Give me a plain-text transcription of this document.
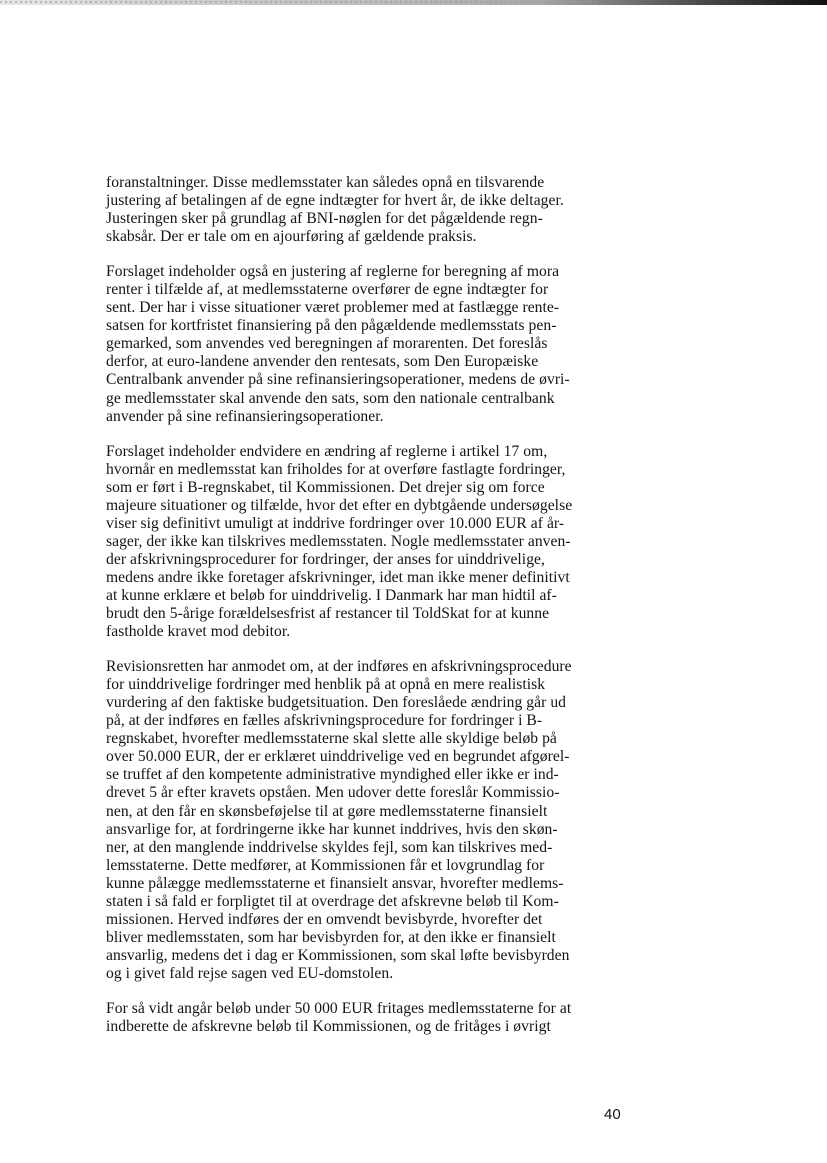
foranstaltninger. Disse medlemsstater kan således opnå en tilsvarende
justering af betalingen af de egne indtægter for hvert år, de ikke deltager.
Justeringen sker på grundlag af BNI-nøglen for det pågældende regn-
skabsår. Der er tale om en ajourføring af gældende praksis.

Forslaget indeholder også en justering af reglerne for beregning af mora
renter i tilfælde af, at medlemsstaterne overfører de egne indtægter for
sent. Der har i visse situationer været problemer med at fastlægge rente-
satsen for kortfristet finansiering på den pågældende medlemsstats pen-
gemarked, som anvendes ved beregningen af morarenten. Det foreslås
derfor, at euro-landene anvender den rentesats, som Den Europæiske
Centralbank anvender på sine refinansieringsoperationer, medens de øvri-
ge medlemsstater skal anvende den sats, som den nationale centralbank
anvender på sine refinansieringsoperationer.

Forslaget indeholder endvidere en ændring af reglerne i artikel 17 om,
hvornår en medlemsstat kan friholdes for at overføre fastlagte fordringer,
som er ført i B-regnskabet, til Kommissionen. Det drejer sig om force
majeure situationer og tilfælde, hvor det efter en dybtgående undersøgelse
viser sig definitivt umuligt at inddrive fordringer over 10.000 EUR af år-
sager, der ikke kan tilskrives medlemsstaten. Nogle medlemsstater anven-
der afskrivningsprocedurer for fordringer, der anses for uinddrivelige,
medens andre ikke foretager afskrivninger, idet man ikke mener definitivt
at kunne erklære et beløb for uinddrivelig. I Danmark har man hidtil af-
brudt den 5-årige forældelsesfrist af restancer til ToldSkat for at kunne
fastholde kravet mod debitor.

Revisionsretten har anmodet om, at der indføres en afskrivningsprocedure
for uinddrivelige fordringer med henblik på at opnå en mere realistisk
vurdering af den faktiske budgetsituation. Den foreslåede ændring går ud
på, at der indføres en fælles afskrivningsprocedure for fordringer i B-
regnskabet, hvorefter medlemsstaterne skal slette alle skyldige beløb på
over 50.000 EUR, der er erklæret uinddrivelige ved en begrundet afgørel-
se truffet af den kompetente administrative myndighed eller ikke er ind-
drevet 5 år efter kravets opståen. Men udover dette foreslår Kommissio-
nen, at den får en skønsbeføjelse til at gøre medlemsstaterne finansielt
ansvarlige for, at fordringerne ikke har kunnet inddrives, hvis den skøn-
ner, at den manglende inddrivelse skyldes fejl, som kan tilskrives med-
lemsstaterne. Dette medfører, at Kommissionen får et lovgrundlag for
kunne pålægge medlemsstaterne et finansielt ansvar, hvorefter medlems-
staten i så fald er forpligtet til at overdrage det afskrevne beløb til Kom-
missionen. Herved indføres der en omvendt bevisbyrde, hvorefter det
bliver medlemsstaten, som har bevisbyrden for, at den ikke er finansielt
ansvarlig, medens det i dag er Kommissionen, som skal løfte bevisbyrden
og i givet fald rejse sagen ved EU-domstolen.

For så vidt angår beløb under 50 000 EUR fritages medlemsstaterne for at
indberette de afskrevne beløb til Kommissionen, og de fritåges i øvrigt

40
